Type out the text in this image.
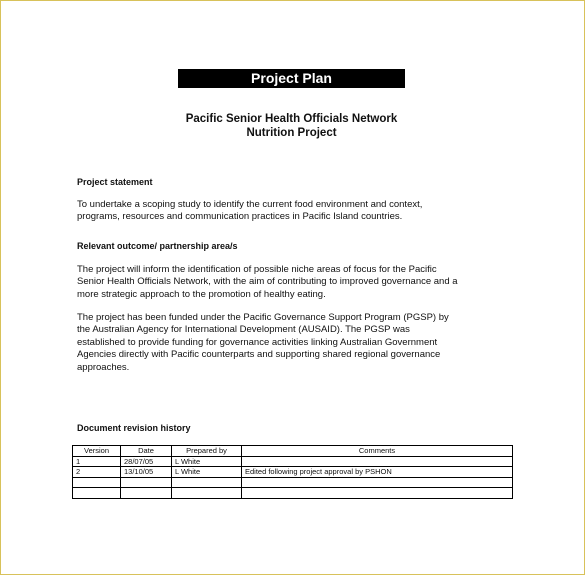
Project Plan
Pacific Senior Health Officials Network
Nutrition Project
Project statement

To undertake a scoping study to identify the current food environment and context,
programs, resources and communication practices in Pacific Island countries.

Relevant outcome/ partnership area/s

The project will inform the identification of possible niche areas of focus for the Pacific
Senior Health Officials Network, with the aim of contributing to improved governance and a
more strategic approach to the promotion of healthy eating.

The project has been funded under the Pacific Governance Support Program (PGSP) by
the Australian Agency for International Development (AUSAID). The PGSP was
established to provide funding for governance activities linking Australian Government
Agencies directly with Pacific counterparts and supporting shared regional governance
approaches.

Document revision history
Version	Date	Prepared by	Comments
1	28/07/05	L White	
2	13/10/05	L White	Edited following project approval by PSHON
